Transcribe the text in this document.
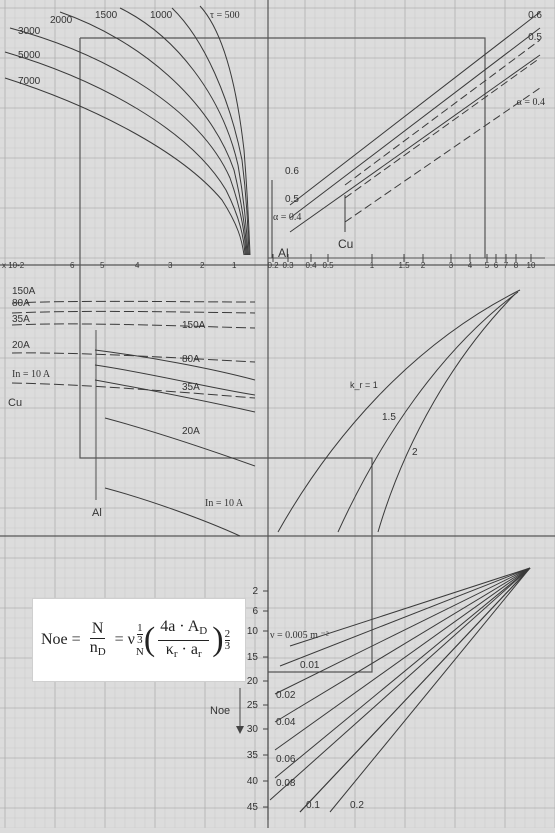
τ = 500
1000
1500
2000
3000
5000
7000
x 10-2	6	5	4	3	2	1	0.2 0.3 0.4 0.5	1	1.5 2	3 4 5 6 7 8 10
0.6
0.5
α = 0.4
0.6
0.5
α = 0.4
Al
Cu
150A
80A
35A
20A
In = 10 A
Cu
150A
80A
35A
20A
In = 10 A
Al
k_r = 1
1.5
2
2
6
10
15
20
25
30
35
40
45
Noe
ν = 0.005 m ⁻²
0.01
0.02
0.04
0.06
0.08
0.1	0.2
Noe = $\frac{N}{n_D} = \nu$
1
3
N ( $\frac{4a \cdot A_D}{\kappa_r \cdot a_r}$ ) $\frac{2}{3}$
